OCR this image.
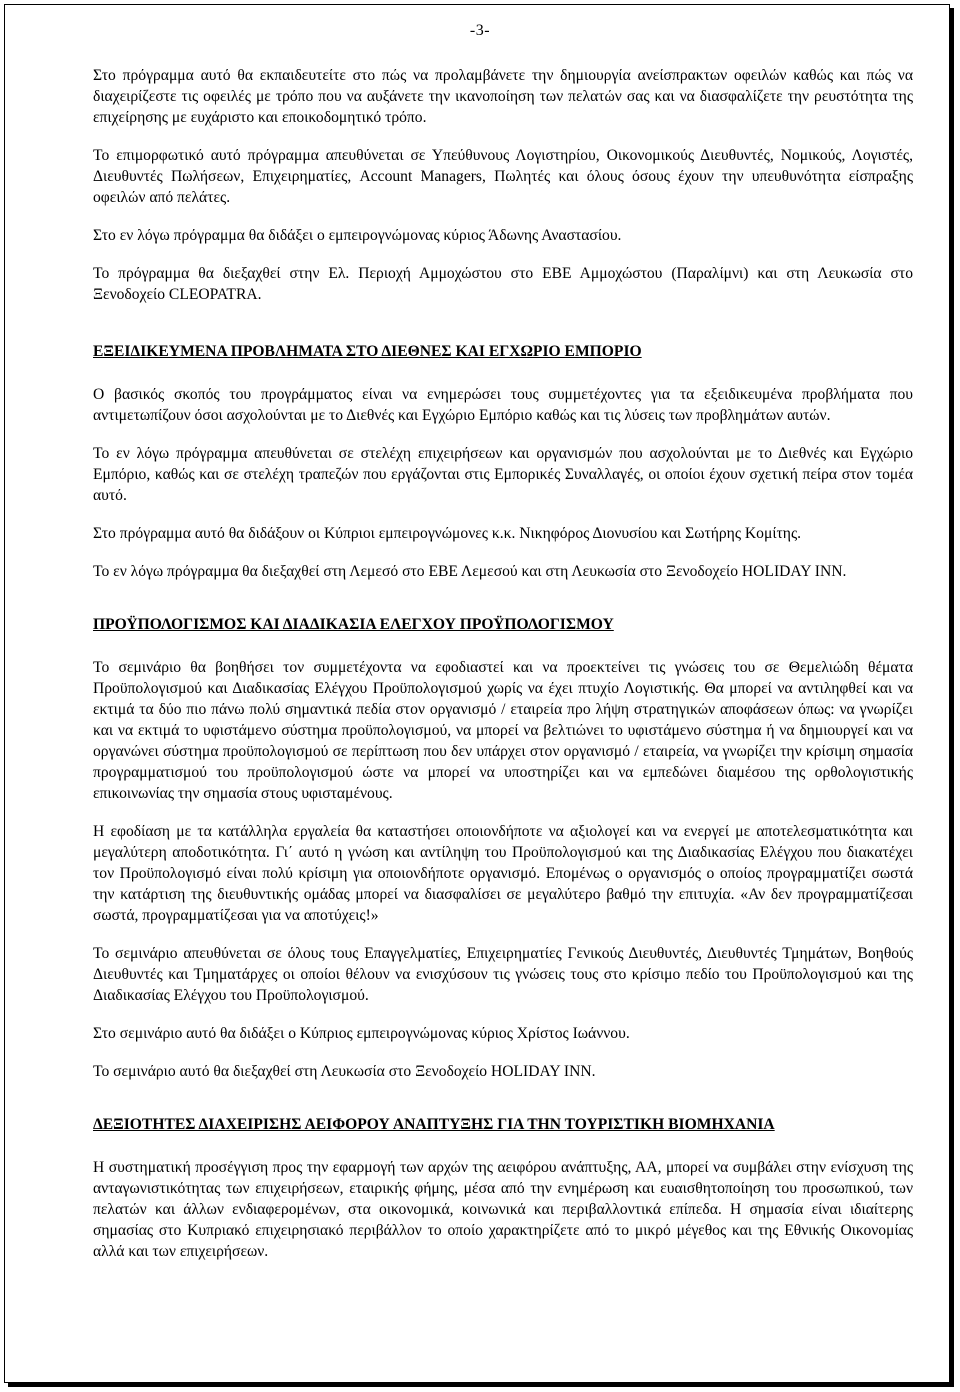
-3-

Στο πρόγραμμα αυτό θα εκπαιδευτείτε στο πώς να προλαμβάνετε την δημιουργία ανείσπρακτων οφειλών καθώς και πώς να διαχειρίζεστε τις οφειλές με τρόπο που να αυξάνετε την ικανοποίηση των πελατών σας και να διασφαλίζετε την ρευστότητα της επιχείρησης με ευχάριστο και εποικοδομητικό τρόπο.

Το επιμορφωτικό αυτό πρόγραμμα απευθύνεται σε Υπεύθυνους Λογιστηρίου, Οικονομικούς Διευθυντές, Νομικούς, Λογιστές, Διευθυντές Πωλήσεων, Επιχειρηματίες, Account Managers, Πωλητές και όλους όσους έχουν την υπευθυνότητα είσπραξης οφειλών από πελάτες.

Στο εν λόγω πρόγραμμα θα διδάξει ο εμπειρογνώμονας κύριος Άδωνης Αναστασίου.

Το πρόγραμμα θα διεξαχθεί στην Ελ. Περιοχή Αμμοχώστου στο ΕΒΕ Αμμοχώστου (Παραλίμνι) και στη Λευκωσία στο Ξενοδοχείο CLEOPATRA.

ΕΞΕΙΔΙΚΕΥΜΕΝΑ ΠΡΟΒΛΗΜΑΤΑ ΣΤΟ ΔΙΕΘΝΕΣ ΚΑΙ ΕΓΧΩΡΙΟ ΕΜΠΟΡΙΟ

Ο βασικός σκοπός του προγράμματος είναι να ενημερώσει τους συμμετέχοντες για τα εξειδικευμένα προβλήματα που αντιμετωπίζουν όσοι ασχολούνται με το Διεθνές και Εγχώριο Εμπόριο καθώς και τις λύσεις των προβλημάτων αυτών.

Το εν λόγω πρόγραμμα απευθύνεται σε στελέχη επιχειρήσεων και οργανισμών που ασχολούνται με το Διεθνές και Εγχώριο Εμπόριο, καθώς και σε στελέχη τραπεζών που εργάζονται στις Εμπορικές Συναλλαγές, οι οποίοι έχουν σχετική πείρα στον τομέα αυτό.

Στο πρόγραμμα αυτό θα διδάξουν οι Κύπριοι εμπειρογνώμονες κ.κ. Νικηφόρος Διονυσίου και Σωτήρης Κομίτης.

Το εν λόγω πρόγραμμα θα διεξαχθεί στη Λεμεσό στο ΕΒΕ Λεμεσού και στη Λευκωσία στο Ξενοδοχείο HOLIDAY INN.

ΠΡΟΫΠΟΛΟΓΙΣΜΟΣ ΚΑΙ ΔΙΑΔΙΚΑΣΙΑ ΕΛΕΓΧΟΥ ΠΡΟΫΠΟΛΟΓΙΣΜΟΥ

Το σεμινάριο θα βοηθήσει τον συμμετέχοντα να εφοδιαστεί και να προεκτείνει τις γνώσεις του σε Θεμελιώδη θέματα Προϋπολογισμού και Διαδικασίας Ελέγχου Προϋπολογισμού χωρίς να έχει πτυχίο Λογιστικής. Θα μπορεί να αντιληφθεί και να εκτιμά τα δύο πιο πάνω πολύ σημαντικά πεδία στον οργανισμό / εταιρεία προ λήψη στρατηγικών αποφάσεων όπως: να γνωρίζει και να εκτιμά το υφιστάμενο σύστημα προϋπολογισμού, να μπορεί να βελτιώνει το υφιστάμενο σύστημα ή να δημιουργεί και να οργανώνει σύστημα προϋπολογισμού σε περίπτωση που δεν υπάρχει στον οργανισμό / εταιρεία, να γνωρίζει την κρίσιμη σημασία προγραμματισμού του προϋπολογισμού ώστε να μπορεί να υποστηρίζει και να εμπεδώνει διαμέσου της ορθολογιστικής επικοινωνίας την σημασία στους υφισταμένους.

Η εφοδίαση με τα κατάλληλα εργαλεία θα καταστήσει οποιονδήποτε να αξιολογεί και να ενεργεί με αποτελεσματικότητα και μεγαλύτερη αποδοτικότητα. Γι΄ αυτό η γνώση και αντίληψη του Προϋπολογισμού και της Διαδικασίας Ελέγχου που διακατέχει τον Προϋπολογισμό είναι πολύ κρίσιμη για οποιονδήποτε οργανισμό. Επομένως ο οργανισμός ο οποίος προγραμματίζει σωστά την κατάρτιση της διευθυντικής ομάδας μπορεί να διασφαλίσει σε μεγαλύτερο βαθμό την επιτυχία. «Αν δεν προγραμματίζεσαι σωστά, προγραμματίζεσαι για να αποτύχεις!»

Το σεμινάριο απευθύνεται σε όλους τους Επαγγελματίες, Επιχειρηματίες Γενικούς Διευθυντές, Διευθυντές Τμημάτων, Βοηθούς Διευθυντές και Τμηματάρχες οι οποίοι θέλουν να ενισχύσουν τις γνώσεις τους στο κρίσιμο πεδίο του Προϋπολογισμού και της Διαδικασίας Ελέγχου του Προϋπολογισμού.

Στο σεμινάριο αυτό θα διδάξει ο Κύπριος εμπειρογνώμονας κύριος Χρίστος Ιωάννου.

Το σεμινάριο αυτό θα διεξαχθεί στη Λευκωσία στο Ξενοδοχείο HOLIDAY INN.

ΔΕΞΙΟΤΗΤΕΣ ΔΙΑΧΕΙΡΙΣΗΣ ΑΕΙΦΟΡΟΥ ΑΝΑΠΤΥΞΗΣ ΓΙΑ ΤΗΝ ΤΟΥΡΙΣΤΙΚΗ ΒΙΟΜΗΧΑΝΙΑ

Η συστηματική προσέγγιση προς την εφαρμογή των αρχών της αειφόρου ανάπτυξης, ΑΑ, μπορεί να συμβάλει στην ενίσχυση της ανταγωνιστικότητας των επιχειρήσεων, εταιρικής φήμης, μέσα από την ενημέρωση και ευαισθητοποίηση του προσωπικού, των πελατών και άλλων ενδιαφερομένων, στα οικονομικά, κοινωνικά και περιβαλλοντικά επίπεδα. Η σημασία είναι ιδιαίτερης σημασίας στο Κυπριακό επιχειρησιακό περιβάλλον το οποίο χαρακτηρίζετε από το μικρό μέγεθος και της Εθνικής Οικονομίας αλλά και των επιχειρήσεων.
